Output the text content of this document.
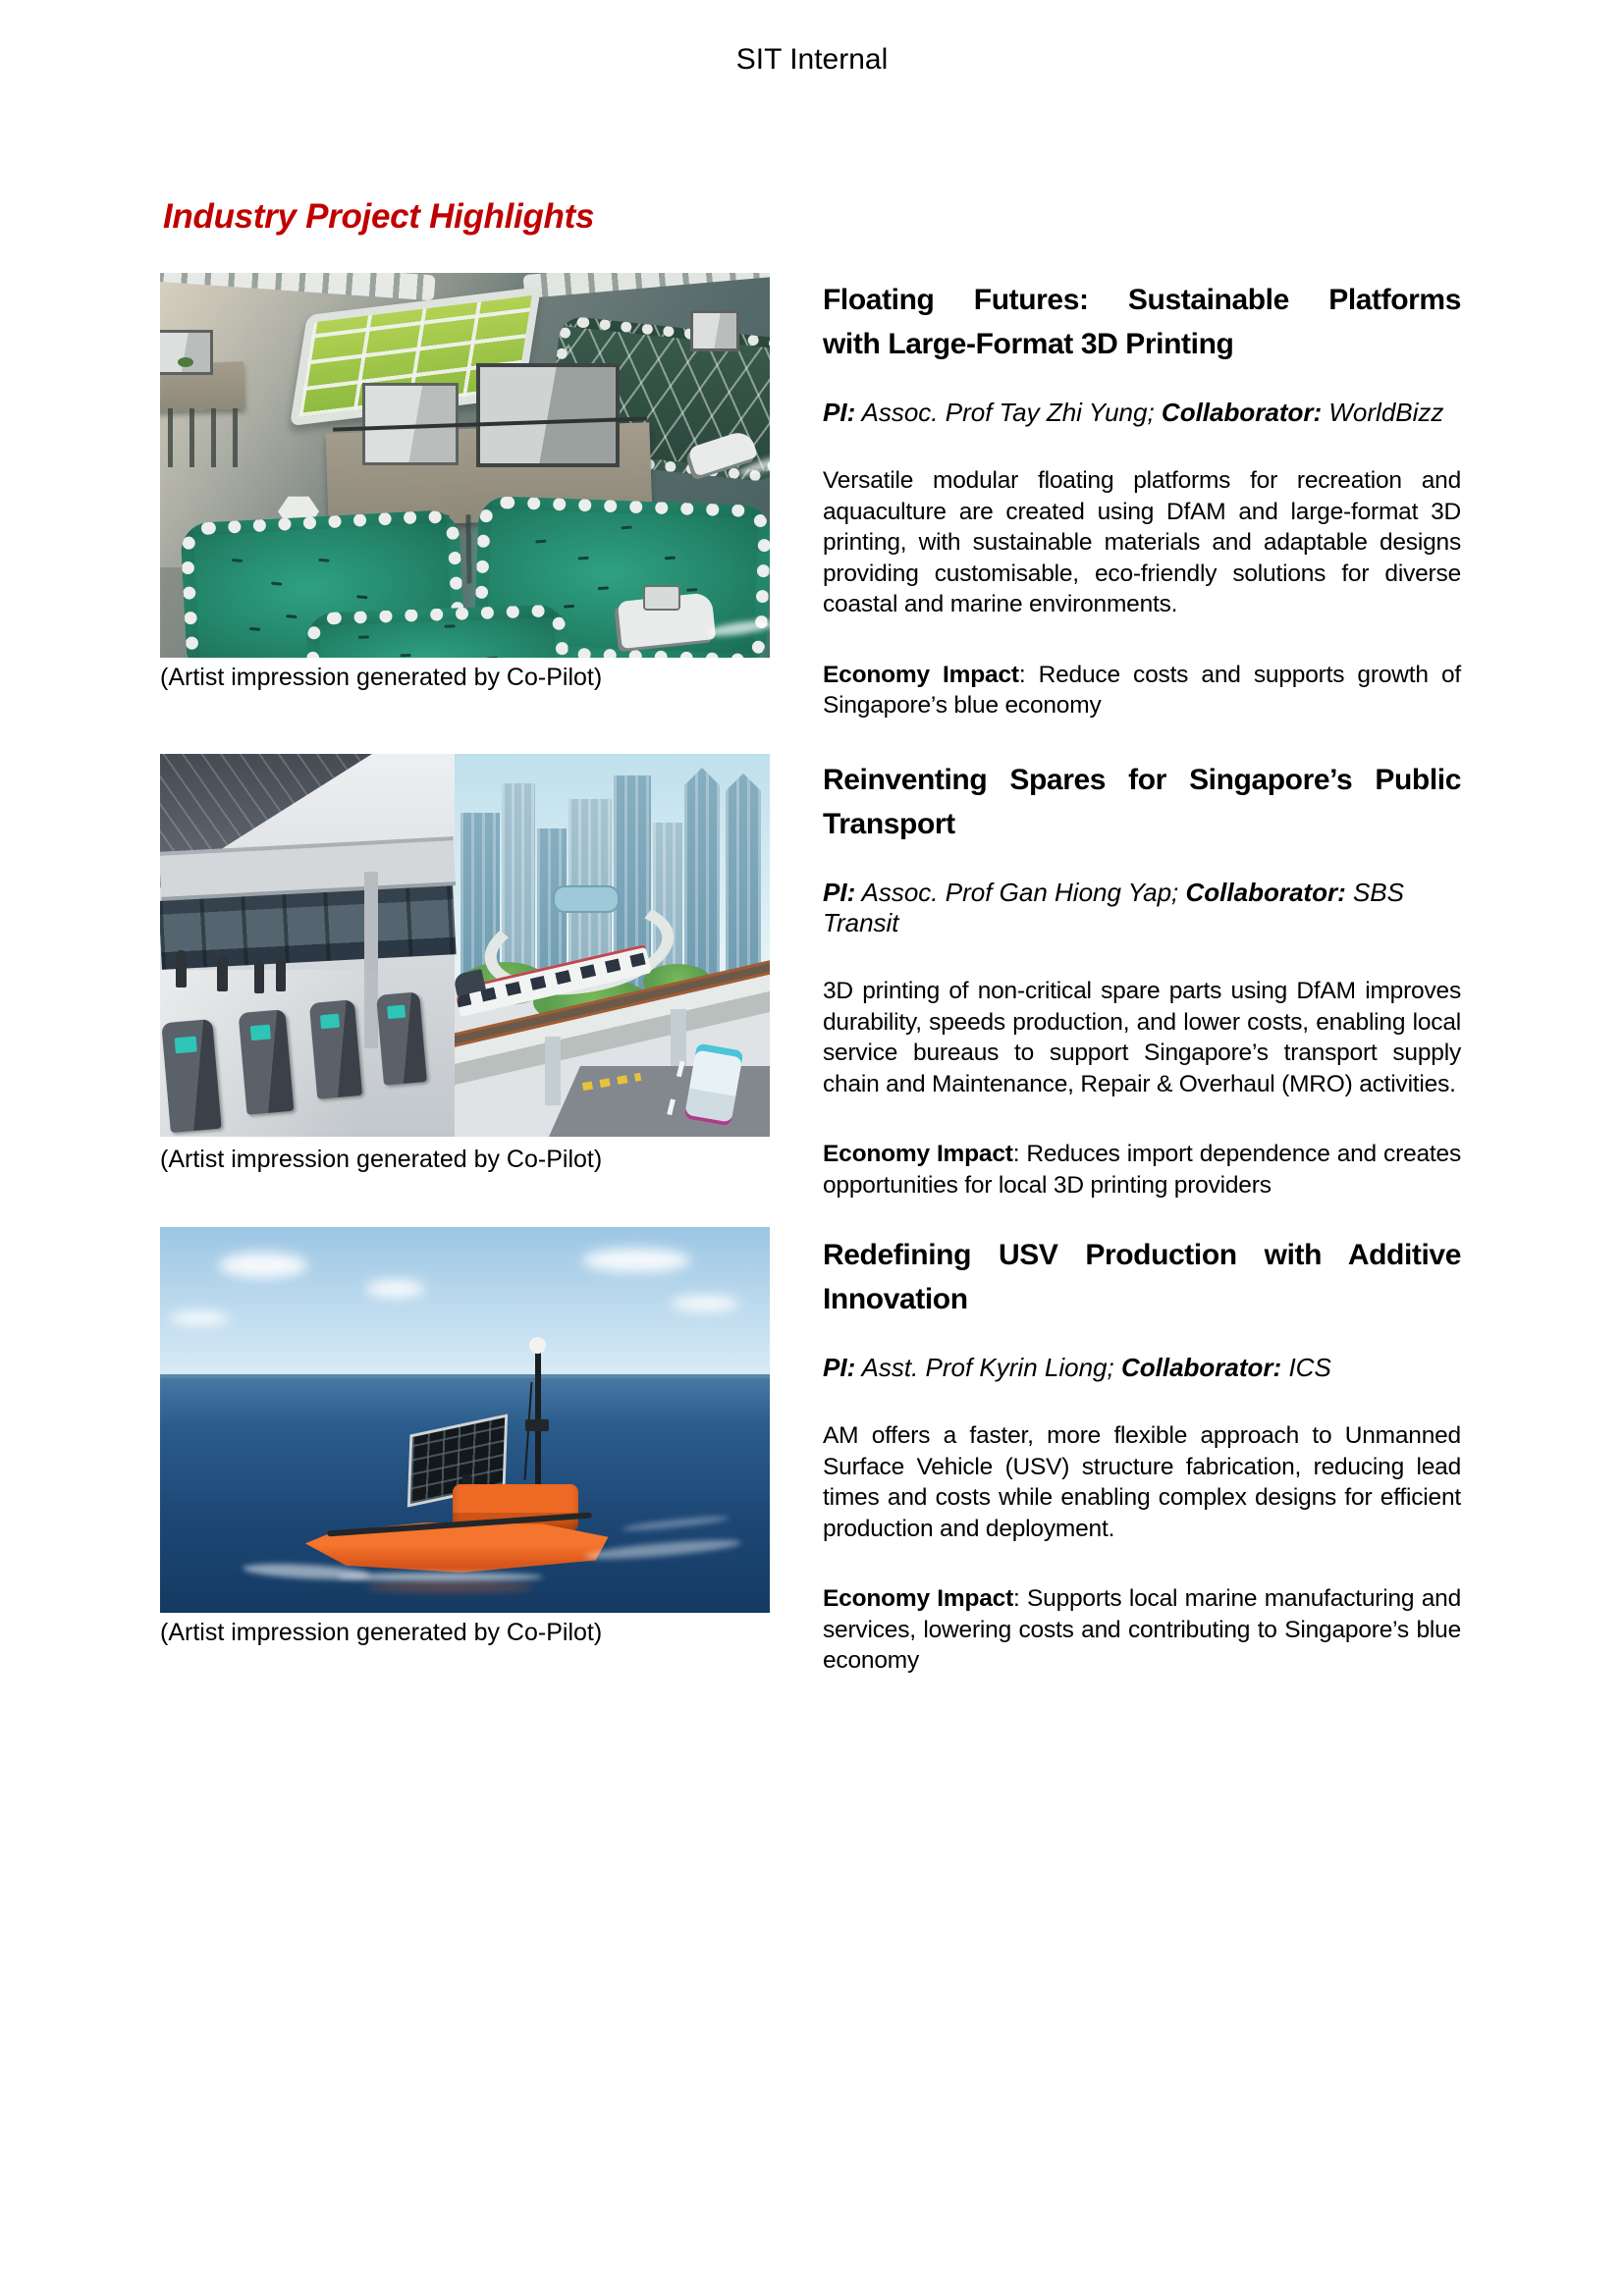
SIT Internal
Industry Project Highlights
(Artist impression generated by Co-Pilot)
Floating Futures: Sustainable Platforms
with Large-Format 3D Printing
PI: Assoc. Prof Tay Zhi Yung; Collaborator: WorldBizz
Versatile modular floating platforms for recreation and aquaculture are created using DfAM and large-format 3D printing, with sustainable materials and adaptable designs providing customisable, eco-friendly solutions for diverse coastal and marine environments.
Economy Impact: Reduce costs and supports growth of Singapore’s blue economy
(Artist impression generated by Co-Pilot)
Reinventing Spares for Singapore’s Public
Transport
PI: Assoc. Prof Gan Hiong Yap; Collaborator: SBS Transit
3D printing of non-critical spare parts using DfAM improves durability, speeds production, and lower costs, enabling local service bureaus to support Singapore’s transport supply chain and Maintenance, Repair & Overhaul (MRO) activities.
Economy Impact: Reduces import dependence and creates opportunities for local 3D printing providers
(Artist impression generated by Co-Pilot)
Redefining USV Production with Additive
Innovation
PI: Asst. Prof Kyrin Liong; Collaborator: ICS
AM offers a faster, more flexible approach to Unmanned Surface Vehicle (USV) structure fabrication, reducing lead times and costs while enabling complex designs for efficient production and deployment.
Economy Impact: Supports local marine manufacturing and services, lowering costs and contributing to Singapore’s blue economy
